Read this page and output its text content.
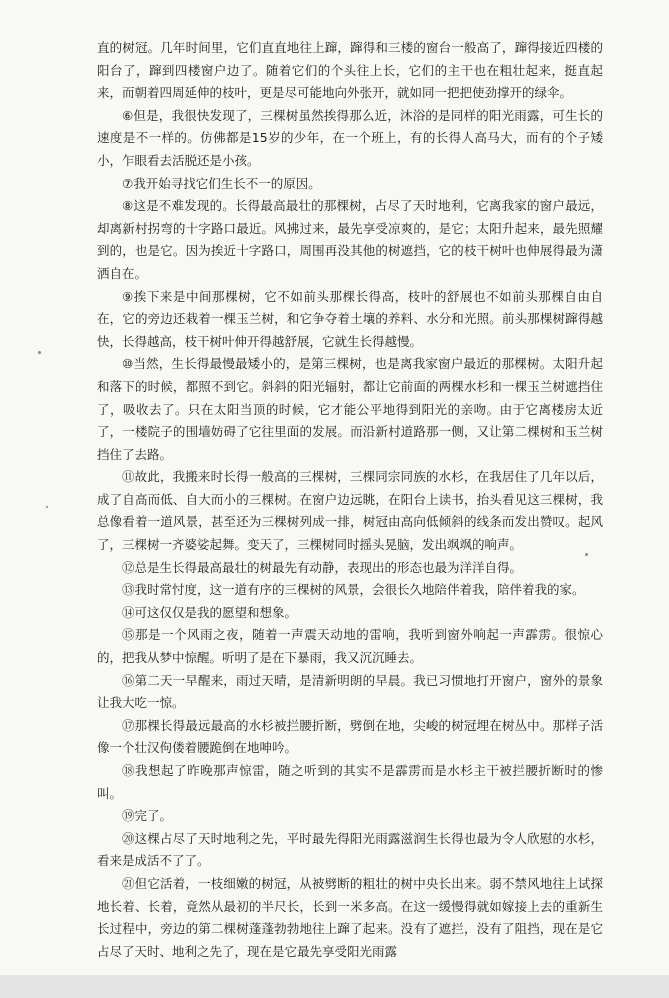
直的树冠。几年时间里，它们直直地往上蹿，蹿得和三楼的窗台一般高了，蹿得接近四楼的阳台了，蹿到四楼窗户边了。随着它们的个头往上长，它们的主干也在粗壮起来，挺直起来，而朝着四周延伸的枝叶，更是尽可能地向外张开，就如同一把把使劲撑开的绿伞。

⑥但是，我很快发现了，三棵树虽然挨得那么近，沐浴的是同样的阳光雨露，可生长的速度是不一样的。仿佛都是15岁的少年，在一个班上，有的长得人高马大，而有的个子矮小，乍眼看去活脱还是小孩。

⑦我开始寻找它们生长不一的原因。

⑧这是不难发现的。长得最高最壮的那棵树，占尽了天时地利，它离我家的窗户最远，却离新村拐弯的十字路口最近。风拂过来，最先享受凉爽的，是它；太阳升起来，最先照耀到的，也是它。因为挨近十字路口，周围再没其他的树遮挡，它的枝干树叶也伸展得最为潇洒自在。

⑨挨下来是中间那棵树，它不如前头那棵长得高，枝叶的舒展也不如前头那棵自由自在，它的旁边还栽着一棵玉兰树，和它争夺着土壤的养料、水分和光照。前头那棵树蹿得越快，长得越高，枝干树叶伸开得越舒展，它就生长得越慢。

⑩当然，生长得最慢最矮小的，是第三棵树，也是离我家窗户最近的那棵树。太阳升起和落下的时候，都照不到它。斜斜的阳光辐射，都让它前面的两棵水杉和一棵玉兰树遮挡住了，吸收去了。只在太阳当顶的时候，它才能公平地得到阳光的亲吻。由于它离楼房太近了，一楼院子的围墙妨碍了它往里面的发展。而沿新村道路那一侧，又让第二棵树和玉兰树挡住了去路。

⑪故此，我搬来时长得一般高的三棵树，三棵同宗同族的水杉，在我居住了几年以后，成了自高而低、自大而小的三棵树。在窗户边远眺，在阳台上读书，抬头看见这三棵树，我总像看着一道风景，甚至还为三棵树列成一排，树冠由高向低倾斜的线条而发出赞叹。起风了，三棵树一齐婆娑起舞。变天了，三棵树同时摇头晃脑，发出飒飒的响声。

⑫总是生长得最高最壮的树最先有动静，表现出的形态也最为洋洋自得。

⑬我时常忖度，这一道有序的三棵树的风景，会很长久地陪伴着我，陪伴着我的家。

⑭可这仅仅是我的愿望和想象。

⑮那是一个风雨之夜，随着一声震天动地的雷响，我听到窗外响起一声霹雳。很惊心的，把我从梦中惊醒。听明了是在下暴雨，我又沉沉睡去。

⑯第二天一早醒来，雨过天晴，是清新明朗的早晨。我已习惯地打开窗户，窗外的景象让我大吃一惊。

⑰那棵长得最远最高的水杉被拦腰折断，劈倒在地，尖峻的树冠埋在树丛中。那样子活像一个壮汉佝偻着腰跪倒在地呻吟。

⑱我想起了昨晚那声惊雷，随之听到的其实不是霹雳而是水杉主干被拦腰折断时的惨叫。

⑲完了。

⑳这棵占尽了天时地利之先，平时最先得阳光雨露滋润生长得也最为令人欣慰的水杉，看来是成活不了了。

㉑但它活着，一枝细嫩的树冠，从被劈断的粗壮的树中央长出来。弱不禁风地往上试探地长着、长着，竟然从最初的半尺长，长到一米多高。在这一缓慢得就如嫁接上去的重新生长过程中，旁边的第二棵树蓬蓬勃勃地往上蹿了起来。没有了遮拦，没有了阻挡，现在是它占尽了天时、地利之先了，现在是它最先享受阳光雨露
